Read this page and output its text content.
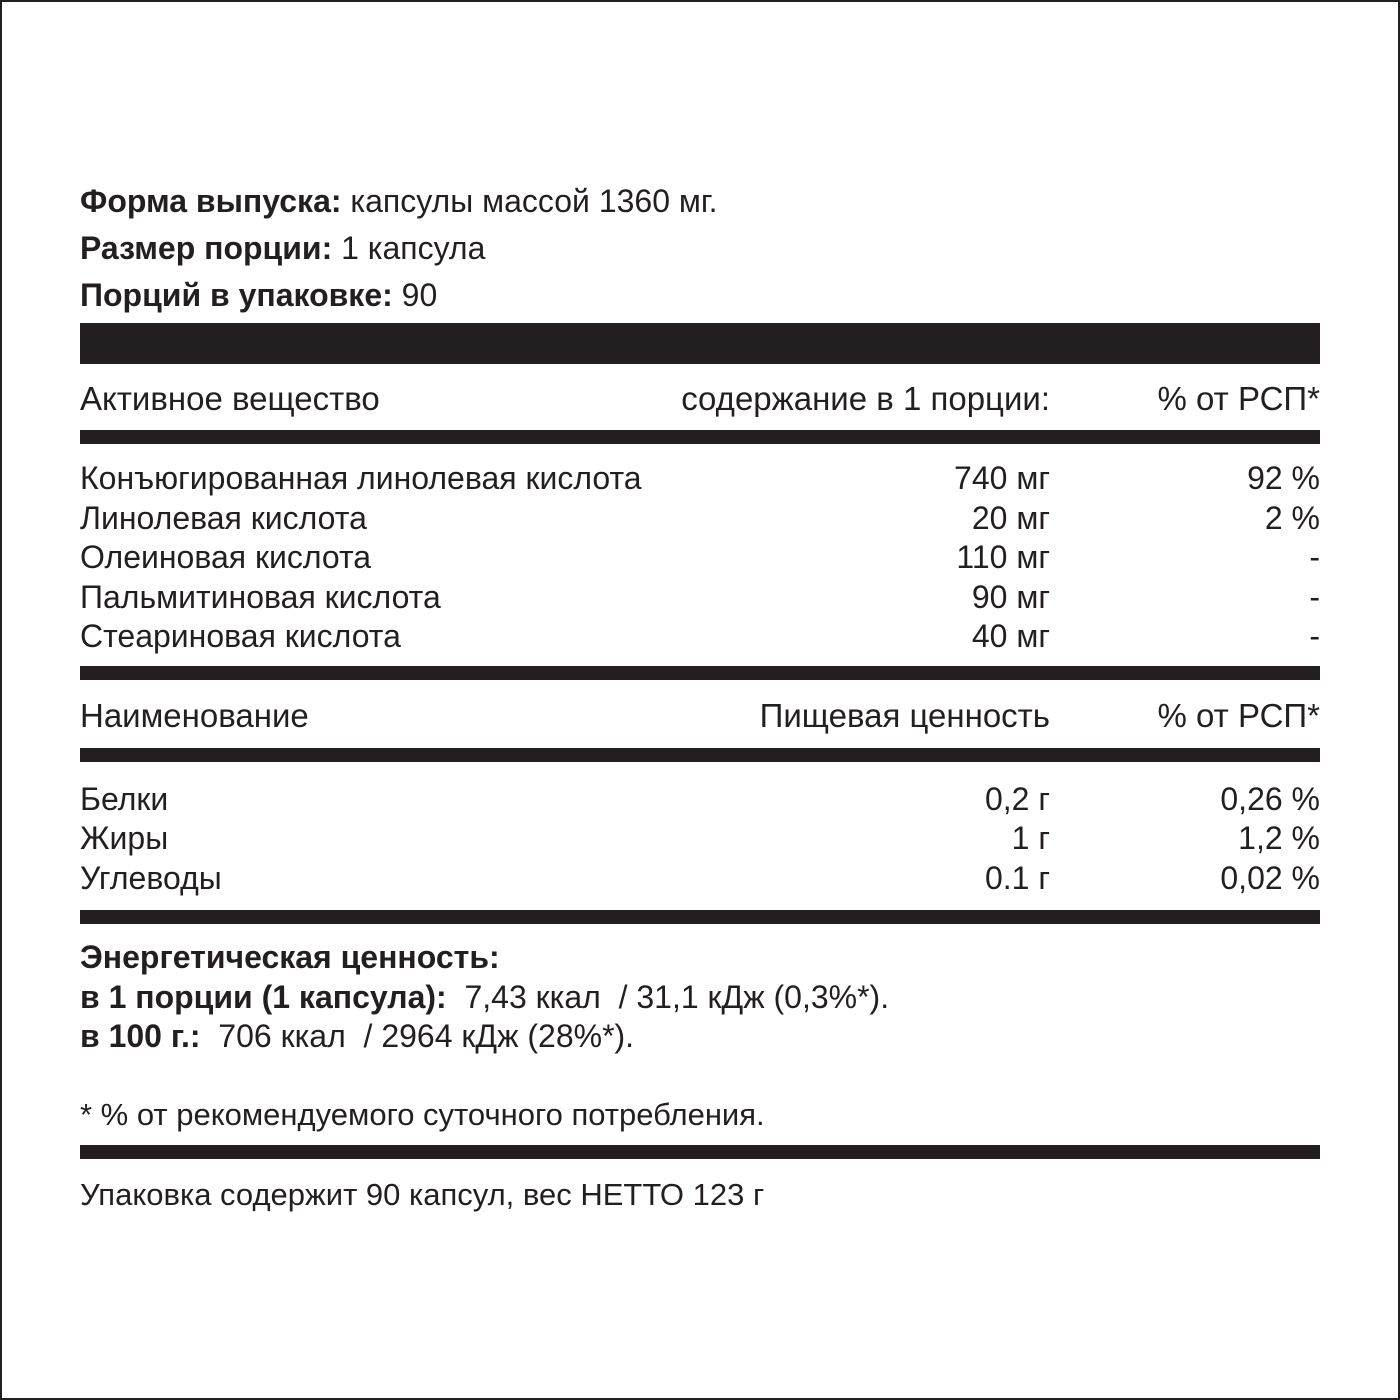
Форма выпуска: капсулы массой 1360 мг.
Размер порции: 1 капсула
Порций в упаковке: 90
Активное вещество	содержание в 1 порции:	% от РСП*
Конъюгированная линолевая кислота	740 мг	92 %
Линолевая кислота	20 мг	2 %
Олеиновая кислота	110 мг	-
Пальмитиновая кислота	90 мг	-
Стеариновая кислота	40 мг	-
Наименование	Пищевая ценность	% от РСП*
Белки	0,2 г	0,26 %
Жиры	1 г	1,2 %
Углеводы	0.1 г	0,02 %
Энергетическая ценность:
в 1 порции (1 капсула):  7,43 ккал  / 31,1 кДж (0,3%*).
в 100 г.:  706 ккал  / 2964 кДж (28%*).
* % от рекомендуемого суточного потребления.
Упаковка содержит 90 капсул, вес НЕТТО 123 г
